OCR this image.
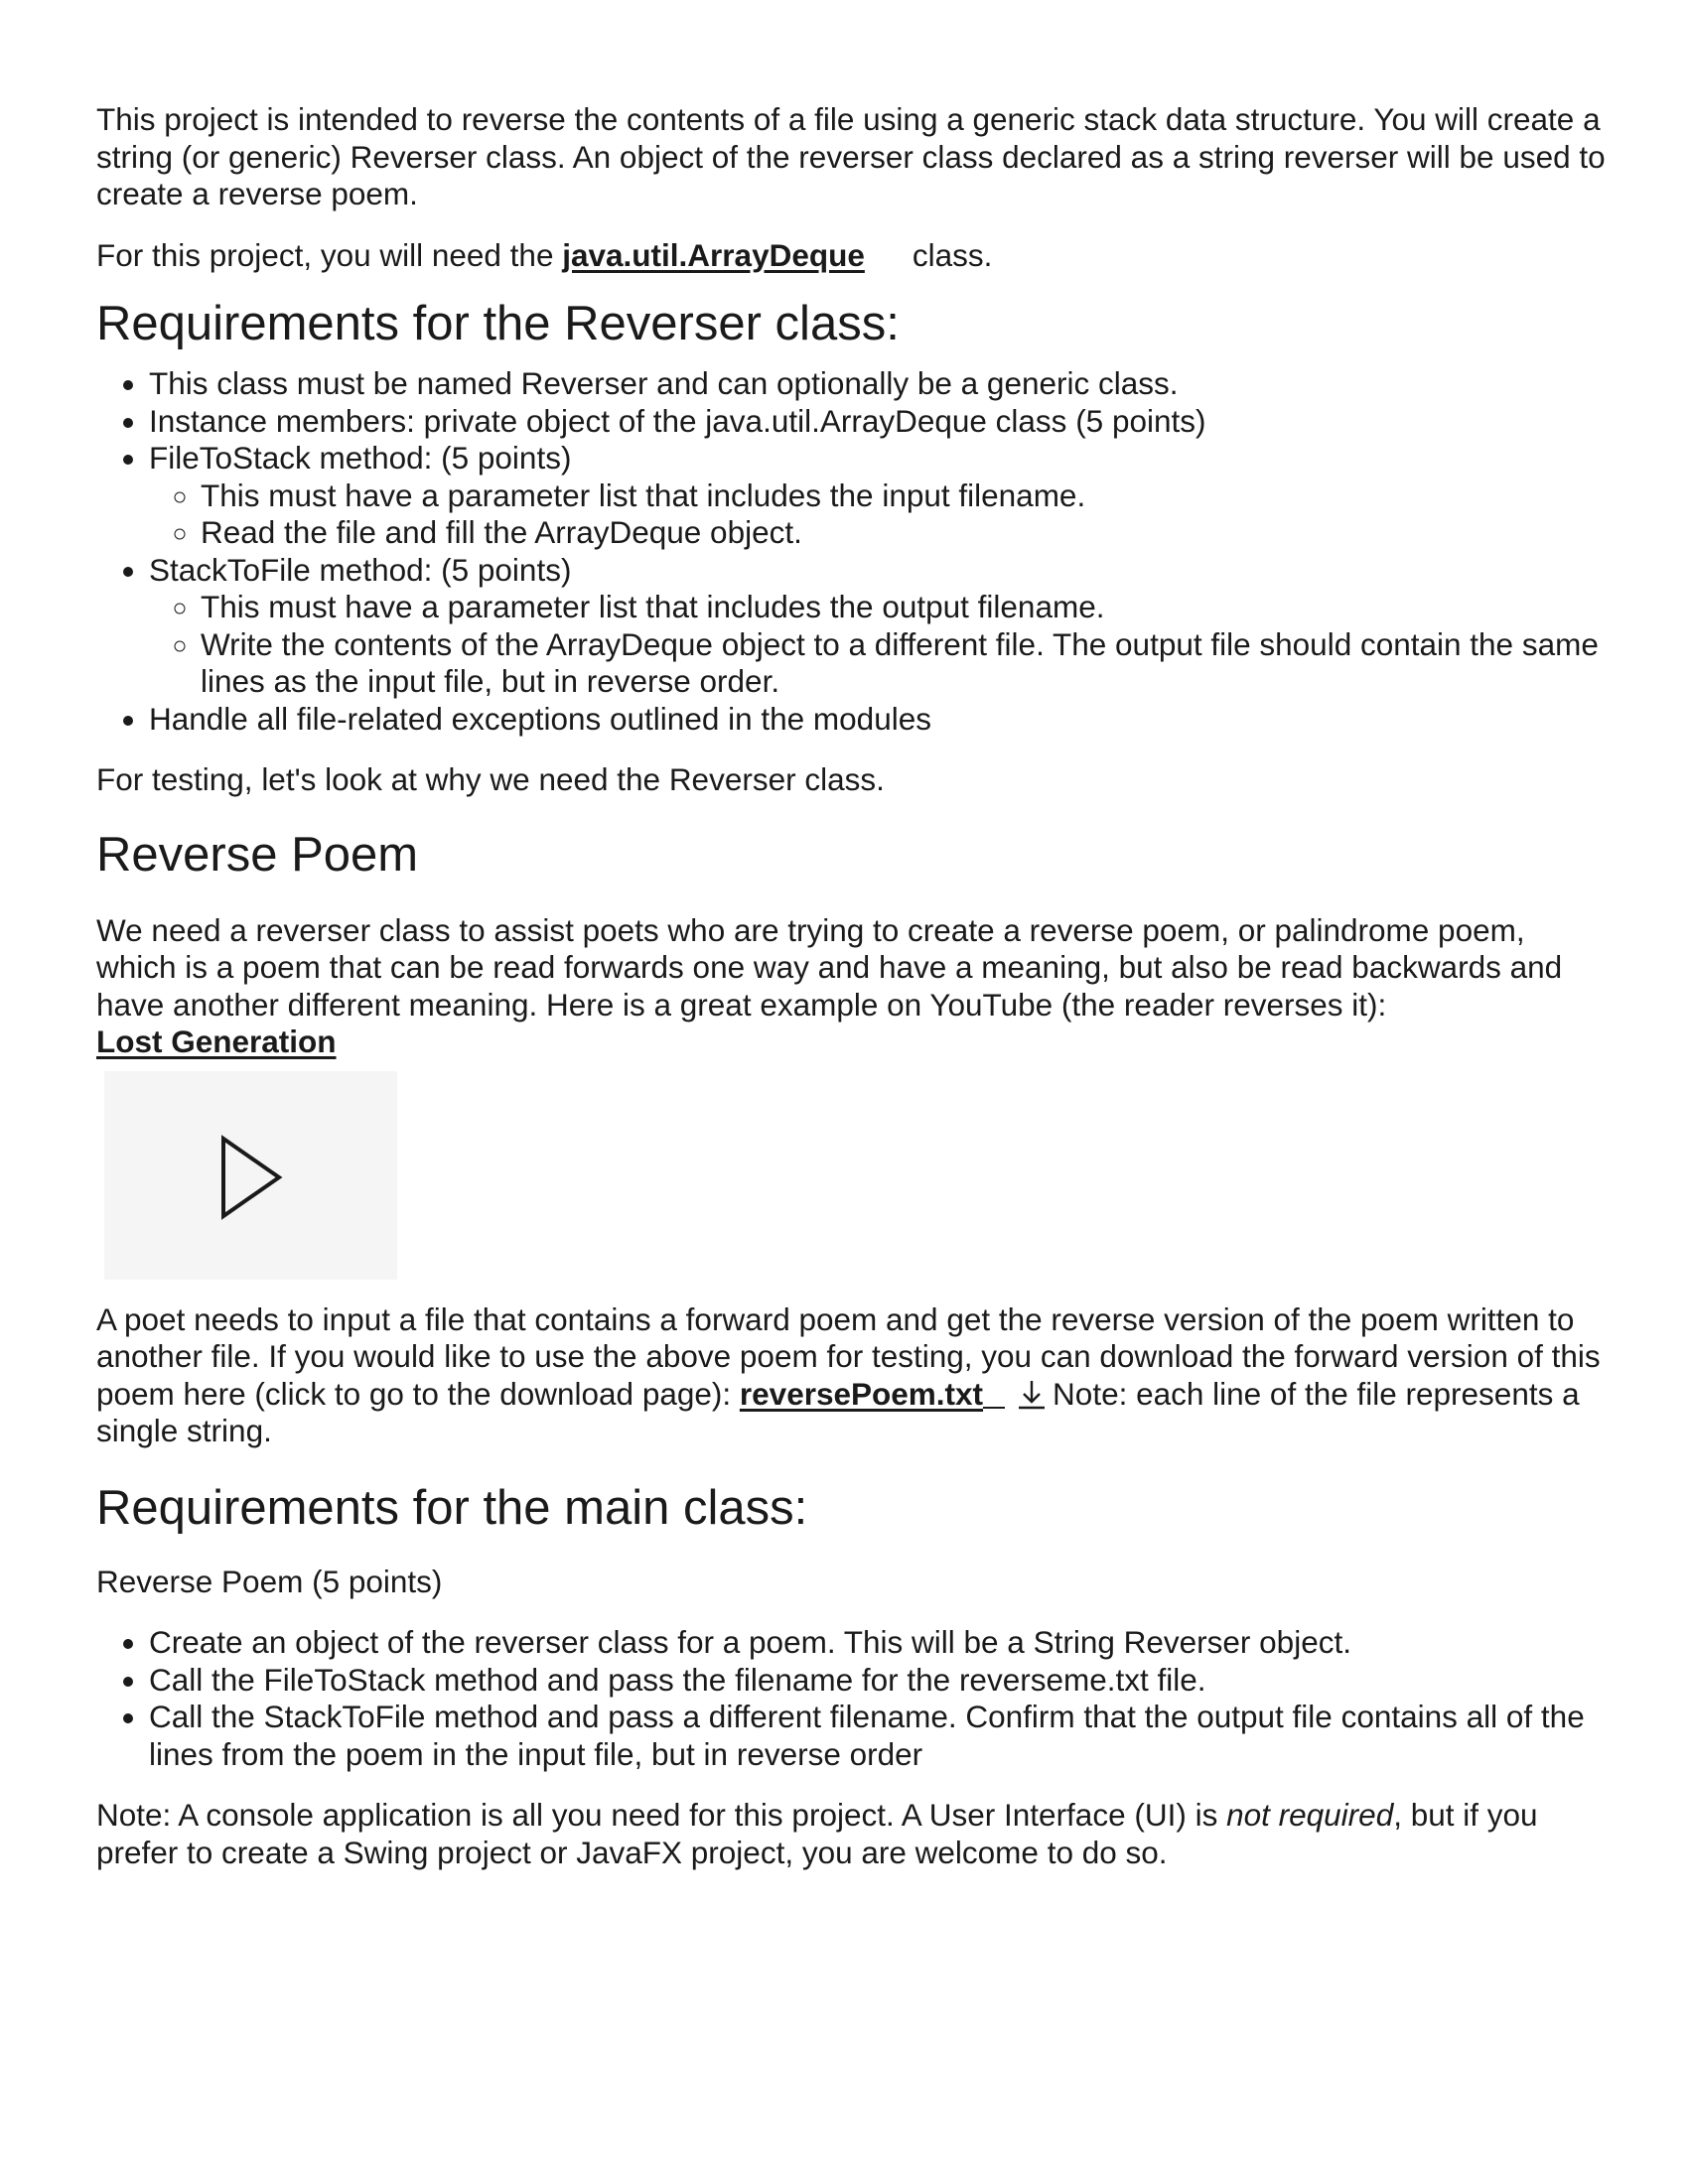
This project is intended to reverse the contents of a file using a generic stack data structure. You will create a string (or generic) Reverser class. An object of the reverser class declared as a string reverser will be used to create a reverse poem.

For this project, you will need the java.util.ArrayDeque class.

Requirements for the Reverser class:
• This class must be named Reverser and can optionally be a generic class.
• Instance members: private object of the java.util.ArrayDeque class (5 points)
• FileToStack method: (5 points)
◦ This must have a parameter list that includes the input filename.
◦ Read the file and fill the ArrayDeque object.
• StackToFile method: (5 points)
◦ This must have a parameter list that includes the output filename.
◦ Write the contents of the ArrayDeque object to a different file. The output file should contain the same lines as the input file, but in reverse order.
• Handle all file-related exceptions outlined in the modules

For testing, let's look at why we need the Reverser class.

Reverse Poem

We need a reverser class to assist poets who are trying to create a reverse poem, or palindrome poem, which is a poem that can be read forwards one way and have a meaning, but also be read backwards and have another different meaning. Here is a great example on YouTube (the reader reverses it):

Lost Generation

A poet needs to input a file that contains a forward poem and get the reverse version of the poem written to another file. If you would like to use the above poem for testing, you can download the forward version of this poem here (click to go to the download page): reversePoem.txt Note: each line of the file represents a single string.

Requirements for the main class:

Reverse Poem (5 points)

• Create an object of the reverser class for a poem. This will be a String Reverser object.
• Call the FileToStack method and pass the filename for the reverseme.txt file.
• Call the StackToFile method and pass a different filename. Confirm that the output file contains all of the lines from the poem in the input file, but in reverse order

Note: A console application is all you need for this project. A User Interface (UI) is not required, but if you prefer to create a Swing project or JavaFX project, you are welcome to do so.
